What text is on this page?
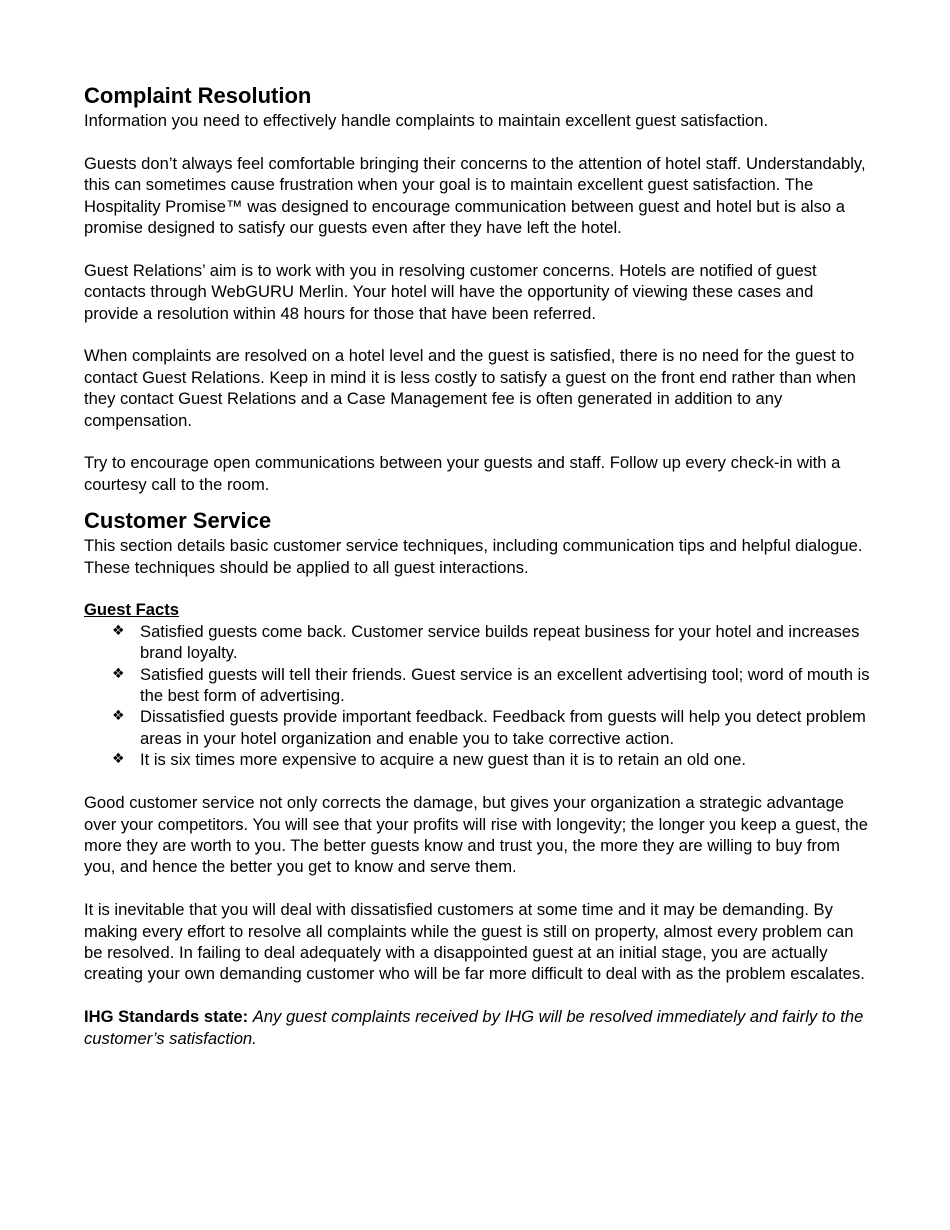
Complaint Resolution

Information you need to effectively handle complaints to maintain excellent guest satisfaction.

Guests don’t always feel comfortable bringing their concerns to the attention of hotel staff. Understandably, this can sometimes cause frustration when your goal is to maintain excellent guest satisfaction. The Hospitality Promise™ was designed to encourage communication between guest and hotel but is also a promise designed to satisfy our guests even after they have left the hotel.

Guest Relations’ aim is to work with you in resolving customer concerns. Hotels are notified of guest contacts through WebGURU Merlin. Your hotel will have the opportunity of viewing these cases and provide a resolution within 48 hours for those that have been referred.

When complaints are resolved on a hotel level and the guest is satisfied, there is no need for the guest to contact Guest Relations. Keep in mind it is less costly to satisfy a guest on the front end rather than when they contact Guest Relations and a Case Management fee is often generated in addition to any compensation.

Try to encourage open communications between your guests and staff. Follow up every check-in with a courtesy call to the room.

Customer Service

This section details basic customer service techniques, including communication tips and helpful dialogue. These techniques should be applied to all guest interactions.

Guest Facts

❖ Satisfied guests come back. Customer service builds repeat business for your hotel and increases brand loyalty.
❖ Satisfied guests will tell their friends. Guest service is an excellent advertising tool; word of mouth is the best form of advertising.
❖ Dissatisfied guests provide important feedback. Feedback from guests will help you detect problem areas in your hotel organization and enable you to take corrective action.
❖ It is six times more expensive to acquire a new guest than it is to retain an old one.

Good customer service not only corrects the damage, but gives your organization a strategic advantage over your competitors. You will see that your profits will rise with longevity; the longer you keep a guest, the more they are worth to you. The better guests know and trust you, the more they are willing to buy from you, and hence the better you get to know and serve them.

It is inevitable that you will deal with dissatisfied customers at some time and it may be demanding. By making every effort to resolve all complaints while the guest is still on property, almost every problem can be resolved. In failing to deal adequately with a disappointed guest at an initial stage, you are actually creating your own demanding customer who will be far more difficult to deal with as the problem escalates.

IHG Standards state: Any guest complaints received by IHG will be resolved immediately and fairly to the customer’s satisfaction.
